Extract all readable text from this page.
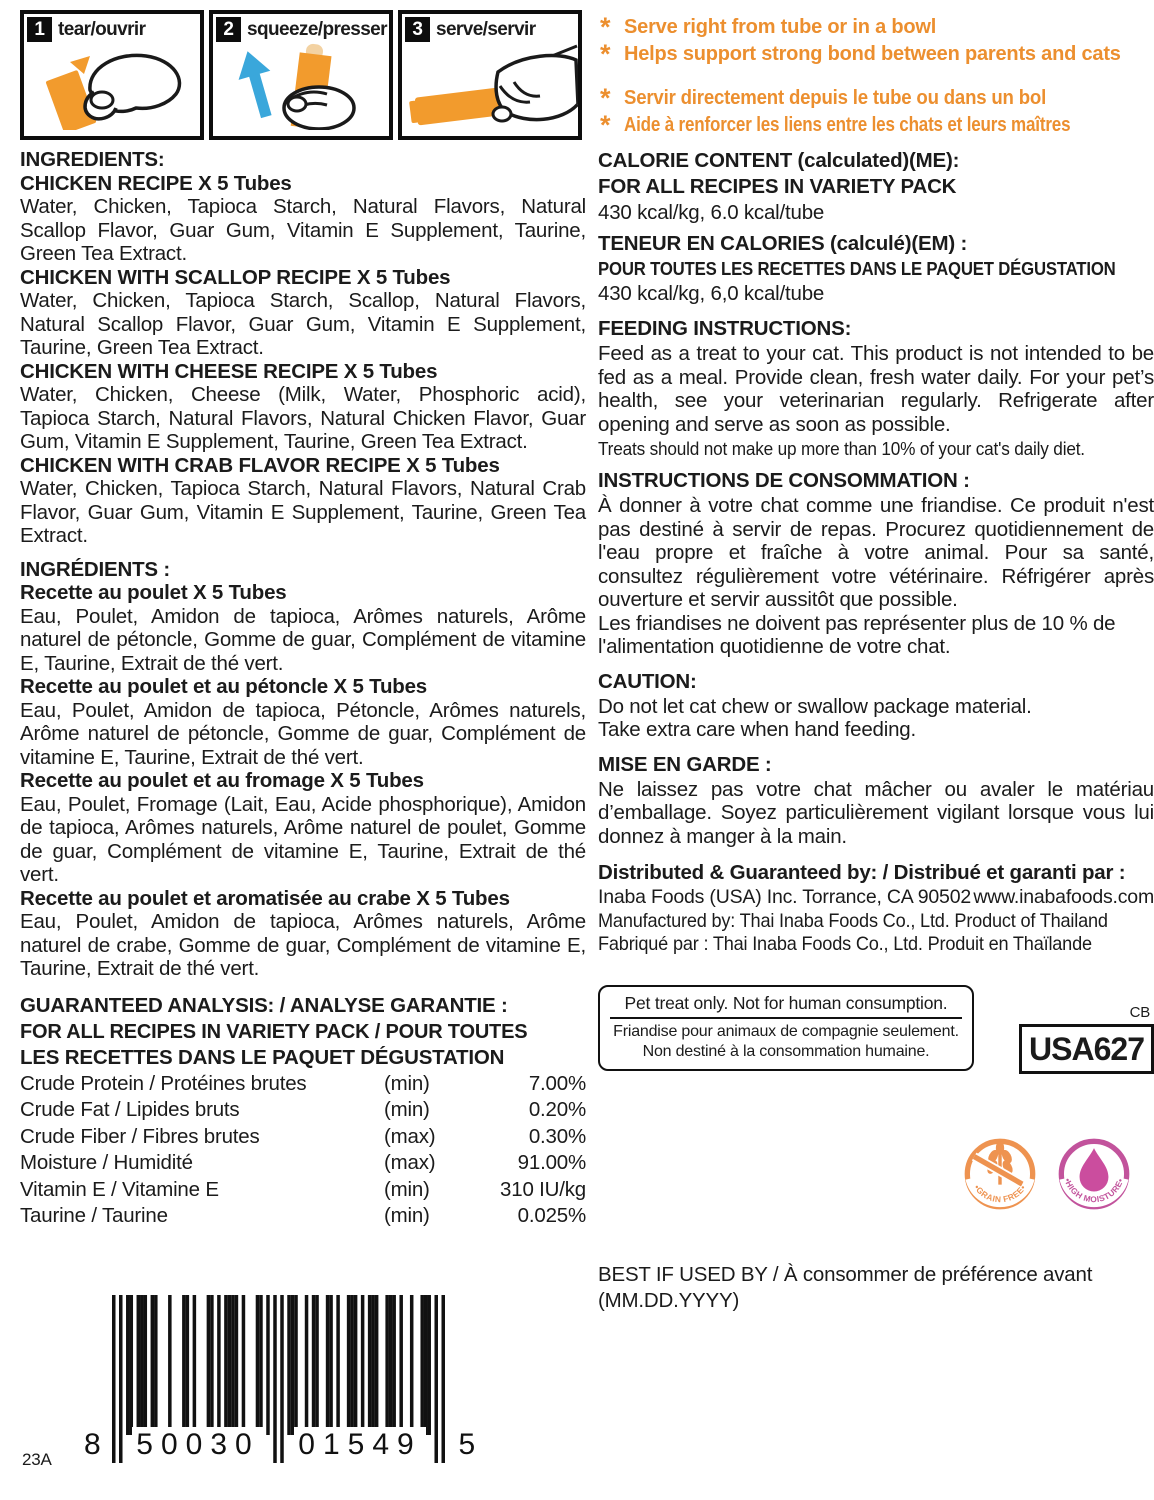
1 tear/ouvrir	2 squeeze/presser	3 serve/servir * Serve right from tube or in a bowl
* Helps support strong bond between parents and cats
* Servir directement depuis le tube ou dans un bol
* Aide à renforcer les liens entre les chats et leurs maîtres
INGREDIENTS:
CHICKEN RECIPE X 5 Tubes
Water, Chicken, Tapioca Starch, Natural Flavors, Natural Scallop Flavor, Guar Gum, Vitamin E Supplement, Taurine, Green Tea Extract.
CHICKEN WITH SCALLOP RECIPE X 5 Tubes
Water, Chicken, Tapioca Starch, Scallop, Natural Flavors, Natural Scallop Flavor, Guar Gum, Vitamin E Supplement, Taurine, Green Tea Extract.
CHICKEN WITH CHEESE RECIPE X 5 Tubes
Water, Chicken, Cheese (Milk, Water, Phosphoric acid), Tapioca Starch, Natural Flavors, Natural Chicken Flavor, Guar Gum, Vitamin E Supplement, Taurine, Green Tea Extract.
CHICKEN WITH CRAB FLAVOR RECIPE X 5 Tubes
Water, Chicken, Tapioca Starch, Natural Flavors, Natural Crab Flavor, Guar Gum, Vitamin E Supplement, Taurine, Green Tea Extract.
INGRÉDIENTS :
Recette au poulet X 5 Tubes
Eau, Poulet, Amidon de tapioca, Arômes naturels, Arôme naturel de pétoncle, Gomme de guar, Complément de vitamine E, Taurine, Extrait de thé vert.
Recette au poulet et au pétoncle X 5 Tubes
Eau, Poulet, Amidon de tapioca, Pétoncle, Arômes naturels, Arôme naturel de pétoncle, Gomme de guar, Complément de vitamine E, Taurine, Extrait de thé vert.
Recette au poulet et au fromage X 5 Tubes
Eau, Poulet, Fromage (Lait, Eau, Acide phosphorique), Amidon de tapioca, Arômes naturels, Arôme naturel de poulet, Gomme de guar, Complément de vitamine E, Taurine, Extrait de thé vert.
Recette au poulet et aromatisée au crabe X 5 Tubes
Eau, Poulet, Amidon de tapioca, Arômes naturels, Arôme naturel de crabe, Gomme de guar, Complément de vitamine E, Taurine, Extrait de thé vert.
GUARANTEED ANALYSIS: / ANALYSE GARANTIE :
FOR ALL RECIPES IN VARIETY PACK / POUR TOUTES
LES RECETTES DANS LE PAQUET DÉGUSTATION
Crude Protein / Protéines brutes	(min)	7.00%
Crude Fat / Lipides bruts	(min)	0.20%
Crude Fiber / Fibres brutes	(max)	0.30%
Moisture / Humidité	(max)	91.00%
Vitamin E / Vitamine E	(min)	310 IU/kg
Taurine / Taurine	(min)	0.025%
CALORIE CONTENT (calculated)(ME):
FOR ALL RECIPES IN VARIETY PACK
430 kcal/kg, 6.0 kcal/tube
TENEUR EN CALORIES (calculé)(EM) :
POUR TOUTES LES RECETTES DANS LE PAQUET DÉGUSTATION
430 kcal/kg, 6,0 kcal/tube
FEEDING INSTRUCTIONS:
Feed as a treat to your cat. This product is not intended to be fed as a meal. Provide clean, fresh water daily. For your pet’s health, see your veterinarian regularly. Refrigerate after opening and serve as soon as possible.
Treats should not make up more than 10% of your cat's daily diet.
INSTRUCTIONS DE CONSOMMATION :
À donner à votre chat comme une friandise. Ce produit n'est pas destiné à servir de repas. Procurez quotidiennement de l'eau propre et fraîche à votre animal. Pour sa santé, consultez régulièrement votre vétérinaire. Réfrigérer après ouverture et servir aussitôt que possible.
Les friandises ne doivent pas représenter plus de 10 % de l'alimentation quotidienne de votre chat.
CAUTION:
Do not let cat chew or swallow package material.
Take extra care when hand feeding.
MISE EN GARDE :
Ne laissez pas votre chat mâcher ou avaler le matériau d’emballage. Soyez particulièrement vigilant lorsque vous lui donnez à manger à la main.
Distributed & Guaranteed by: / Distribué et garanti par :
Inaba Foods (USA) Inc. Torrance, CA 90502 www.inabafoods.com
Manufactured by: Thai Inaba Foods Co., Ltd. Product of Thailand
Fabriqué par : Thai Inaba Foods Co., Ltd. Produit en Thaïlande
Pet treat only. Not for human consumption.
Friandise pour animaux de compagnie seulement.
Non destiné à la consommation humaine.
CB
USA627
•GRAIN FREE•
•HIGH MOISTURE•
BEST IF USED BY / À consommer de préférence avant
(MM.DD.YYYY)
8 50030 01549 5
23A
